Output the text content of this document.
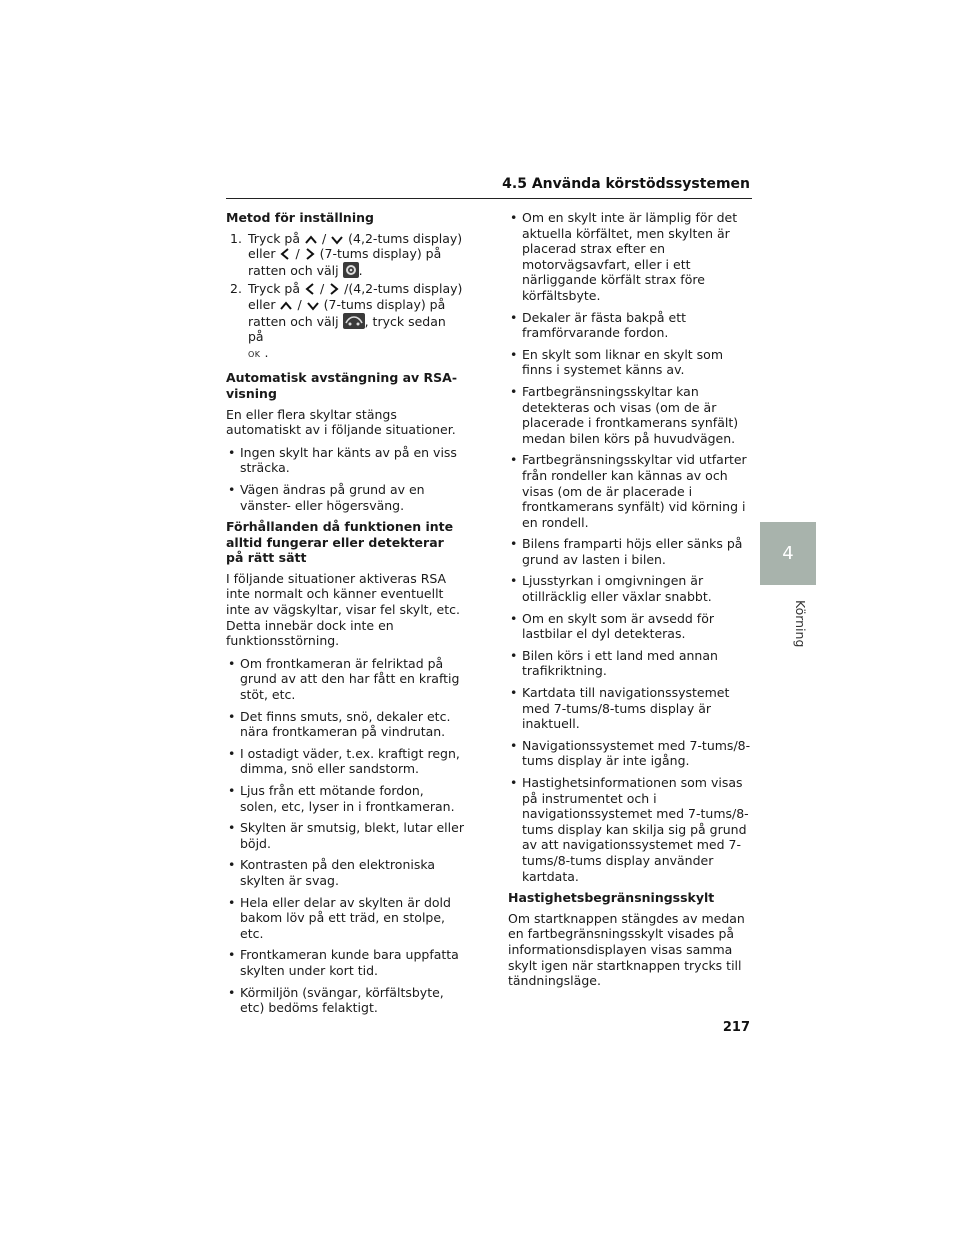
4.5 Använda körstödssystemen
Metod för inställning
1. Tryck på / (4,2-tums display) eller / (7-tums display) på ratten och välj .
2. Tryck på / /(4,2-tums display) eller / (7-tums display) på ratten och välj , tryck sedan på
OK .
Automatisk avstängning av RSA-visning
En eller flera skyltar stängs automatiskt av i följande situationer.
• Ingen skylt har känts av på en viss sträcka.
• Vägen ändras på grund av en vänster- eller högersväng.
Förhållanden då funktionen inte alltid fungerar eller detekterar på rätt sätt
I följande situationer aktiveras RSA inte normalt och känner eventuellt inte av vägskyltar, visar fel skylt, etc. Detta innebär dock inte en funktionsstörning.
• Om frontkameran är felriktad på grund av att den har fått en kraftig stöt, etc.
• Det finns smuts, snö, dekaler etc. nära frontkameran på vindrutan.
• I ostadigt väder, t.ex. kraftigt regn, dimma, snö eller sandstorm.
• Ljus från ett mötande fordon, solen, etc, lyser in i frontkameran.
• Skylten är smutsig, blekt, lutar eller böjd.
• Kontrasten på den elektroniska skylten är svag.
• Hela eller delar av skylten är dold bakom löv på ett träd, en stolpe, etc.
• Frontkameran kunde bara uppfatta skylten under kort tid.
• Körmiljön (svängar, körfältsbyte, etc) bedöms felaktigt.
• Om en skylt inte är lämplig för det aktuella körfältet, men skylten är placerad strax efter en motorvägsavfart, eller i ett närliggande körfält strax före körfältsbyte.
• Dekaler är fästa bakpå ett framförvarande fordon.
• En skylt som liknar en skylt som finns i systemet känns av.
• Fartbegränsningsskyltar kan detekteras och visas (om de är placerade i frontkamerans synfält) medan bilen körs på huvudvägen.
• Fartbegränsningsskyltar vid utfarter från rondeller kan kännas av och visas (om de är placerade i frontkamerans synfält) vid körning i en rondell.
• Bilens framparti höjs eller sänks på grund av lasten i bilen.
• Ljusstyrkan i omgivningen är otillräcklig eller växlar snabbt.
• Om en skylt som är avsedd för lastbilar el dyl detekteras.
• Bilen körs i ett land med annan trafikriktning.
• Kartdata till navigationssystemet med 7-tums/8-tums display är inaktuell.
• Navigationssystemet med 7-tums/8-tums display är inte igång.
• Hastighetsinformationen som visas på instrumentet och i navigationssystemet med 7-tums/8-tums display kan skilja sig på grund av att navigationssystemet med 7-tums/8-tums display använder kartdata.
Hastighetsbegränsningsskylt
Om startknappen stängdes av medan en fartbegränsningsskylt visades på informationsdisplayen visas samma skylt igen när startknappen trycks till tändningsläge.
4
Körning
217
